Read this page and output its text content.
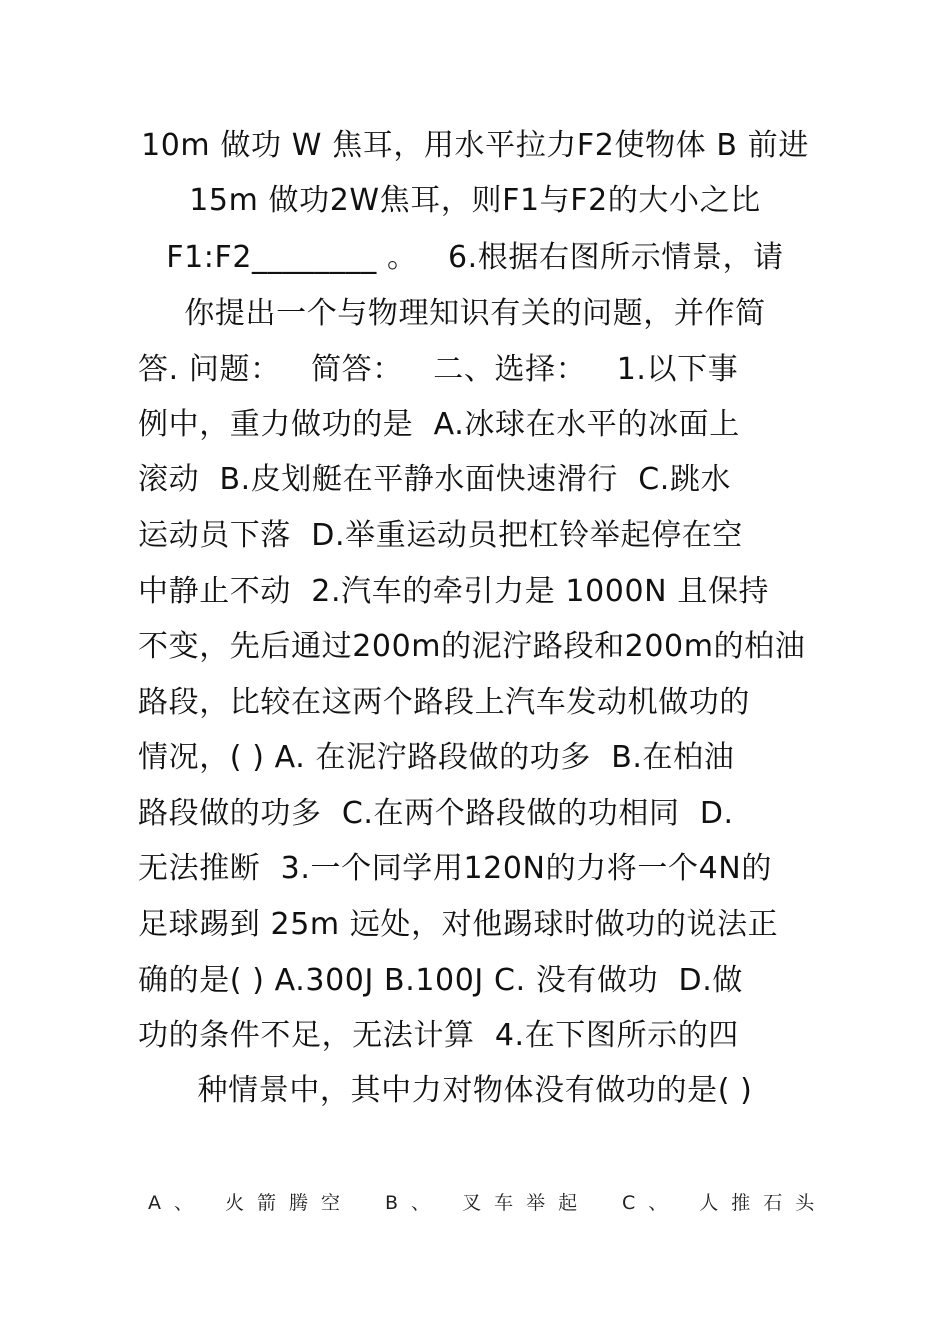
10m 做功 W 焦耳，用水平拉力F2使物体 B 前进
15m 做功2W焦耳，则F1与F2的大小之比
F1:F2________ 。   6.根据右图所示情景，请
你提出一个与物理知识有关的问题，并作简
答. 问题：   简答：   二、选择：   1.以下事
例中，重力做功的是  A.冰球在水平的冰面上
滚动  B.皮划艇在平静水面快速滑行  C.跳水
运动员下落  D.举重运动员把杠铃举起停在空
中静止不动  2.汽车的牵引力是 1000N 且保持
不变，先后通过200m的泥泞路段和200m的柏油
路段，比较在这两个路段上汽车发动机做功的
情况，( ) A. 在泥泞路段做的功多  B.在柏油
路段做的功多  C.在两个路段做的功相同  D.
无法推断  3.一个同学用120N的力将一个4N的
足球踢到 25m 远处，对他踢球时做功的说法正
确的是( ) A.300J B.100J C. 没有做功  D.做
功的条件不足，无法计算  4.在下图所示的四
种情景中，其中力对物体没有做功的是( )
A、 火箭腾空 B、 叉车举起 C、 人推石头
